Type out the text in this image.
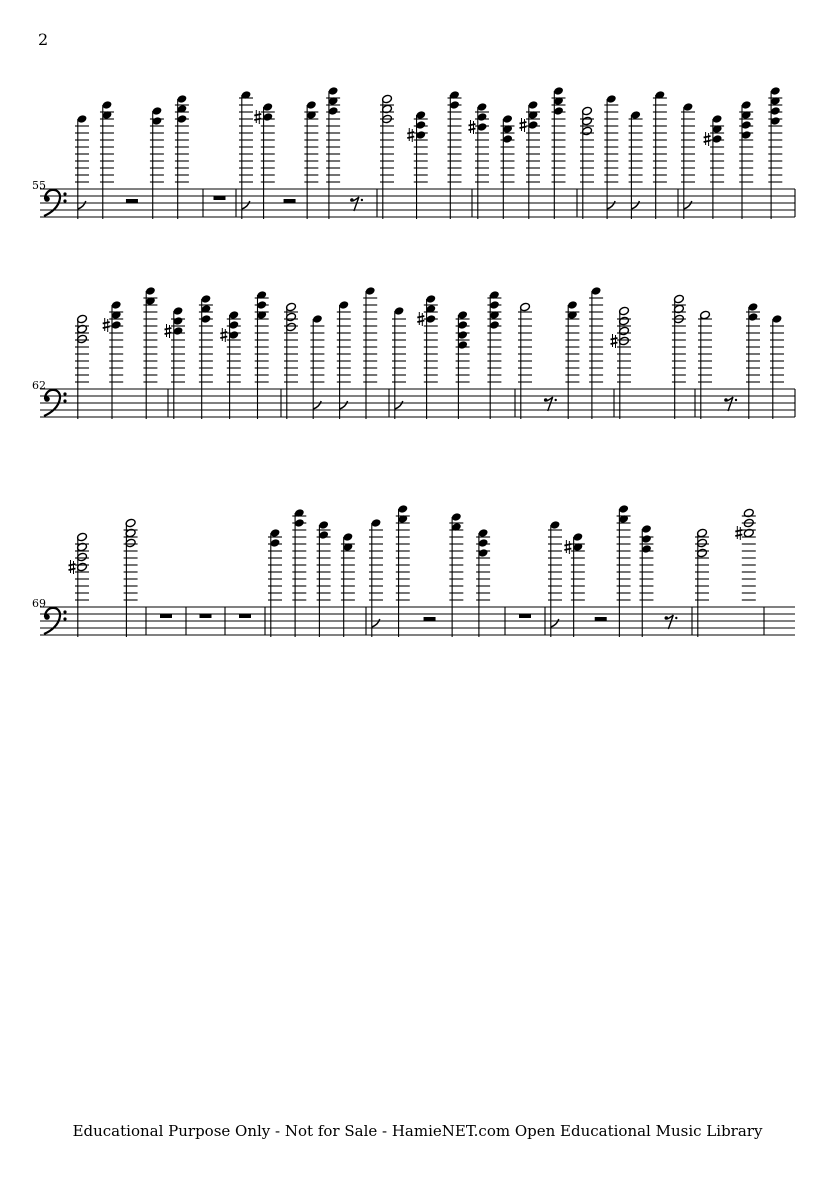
2
55
62
69
Educational Purpose Only - Not for Sale - HamieNET.com Open Educational Music Library
